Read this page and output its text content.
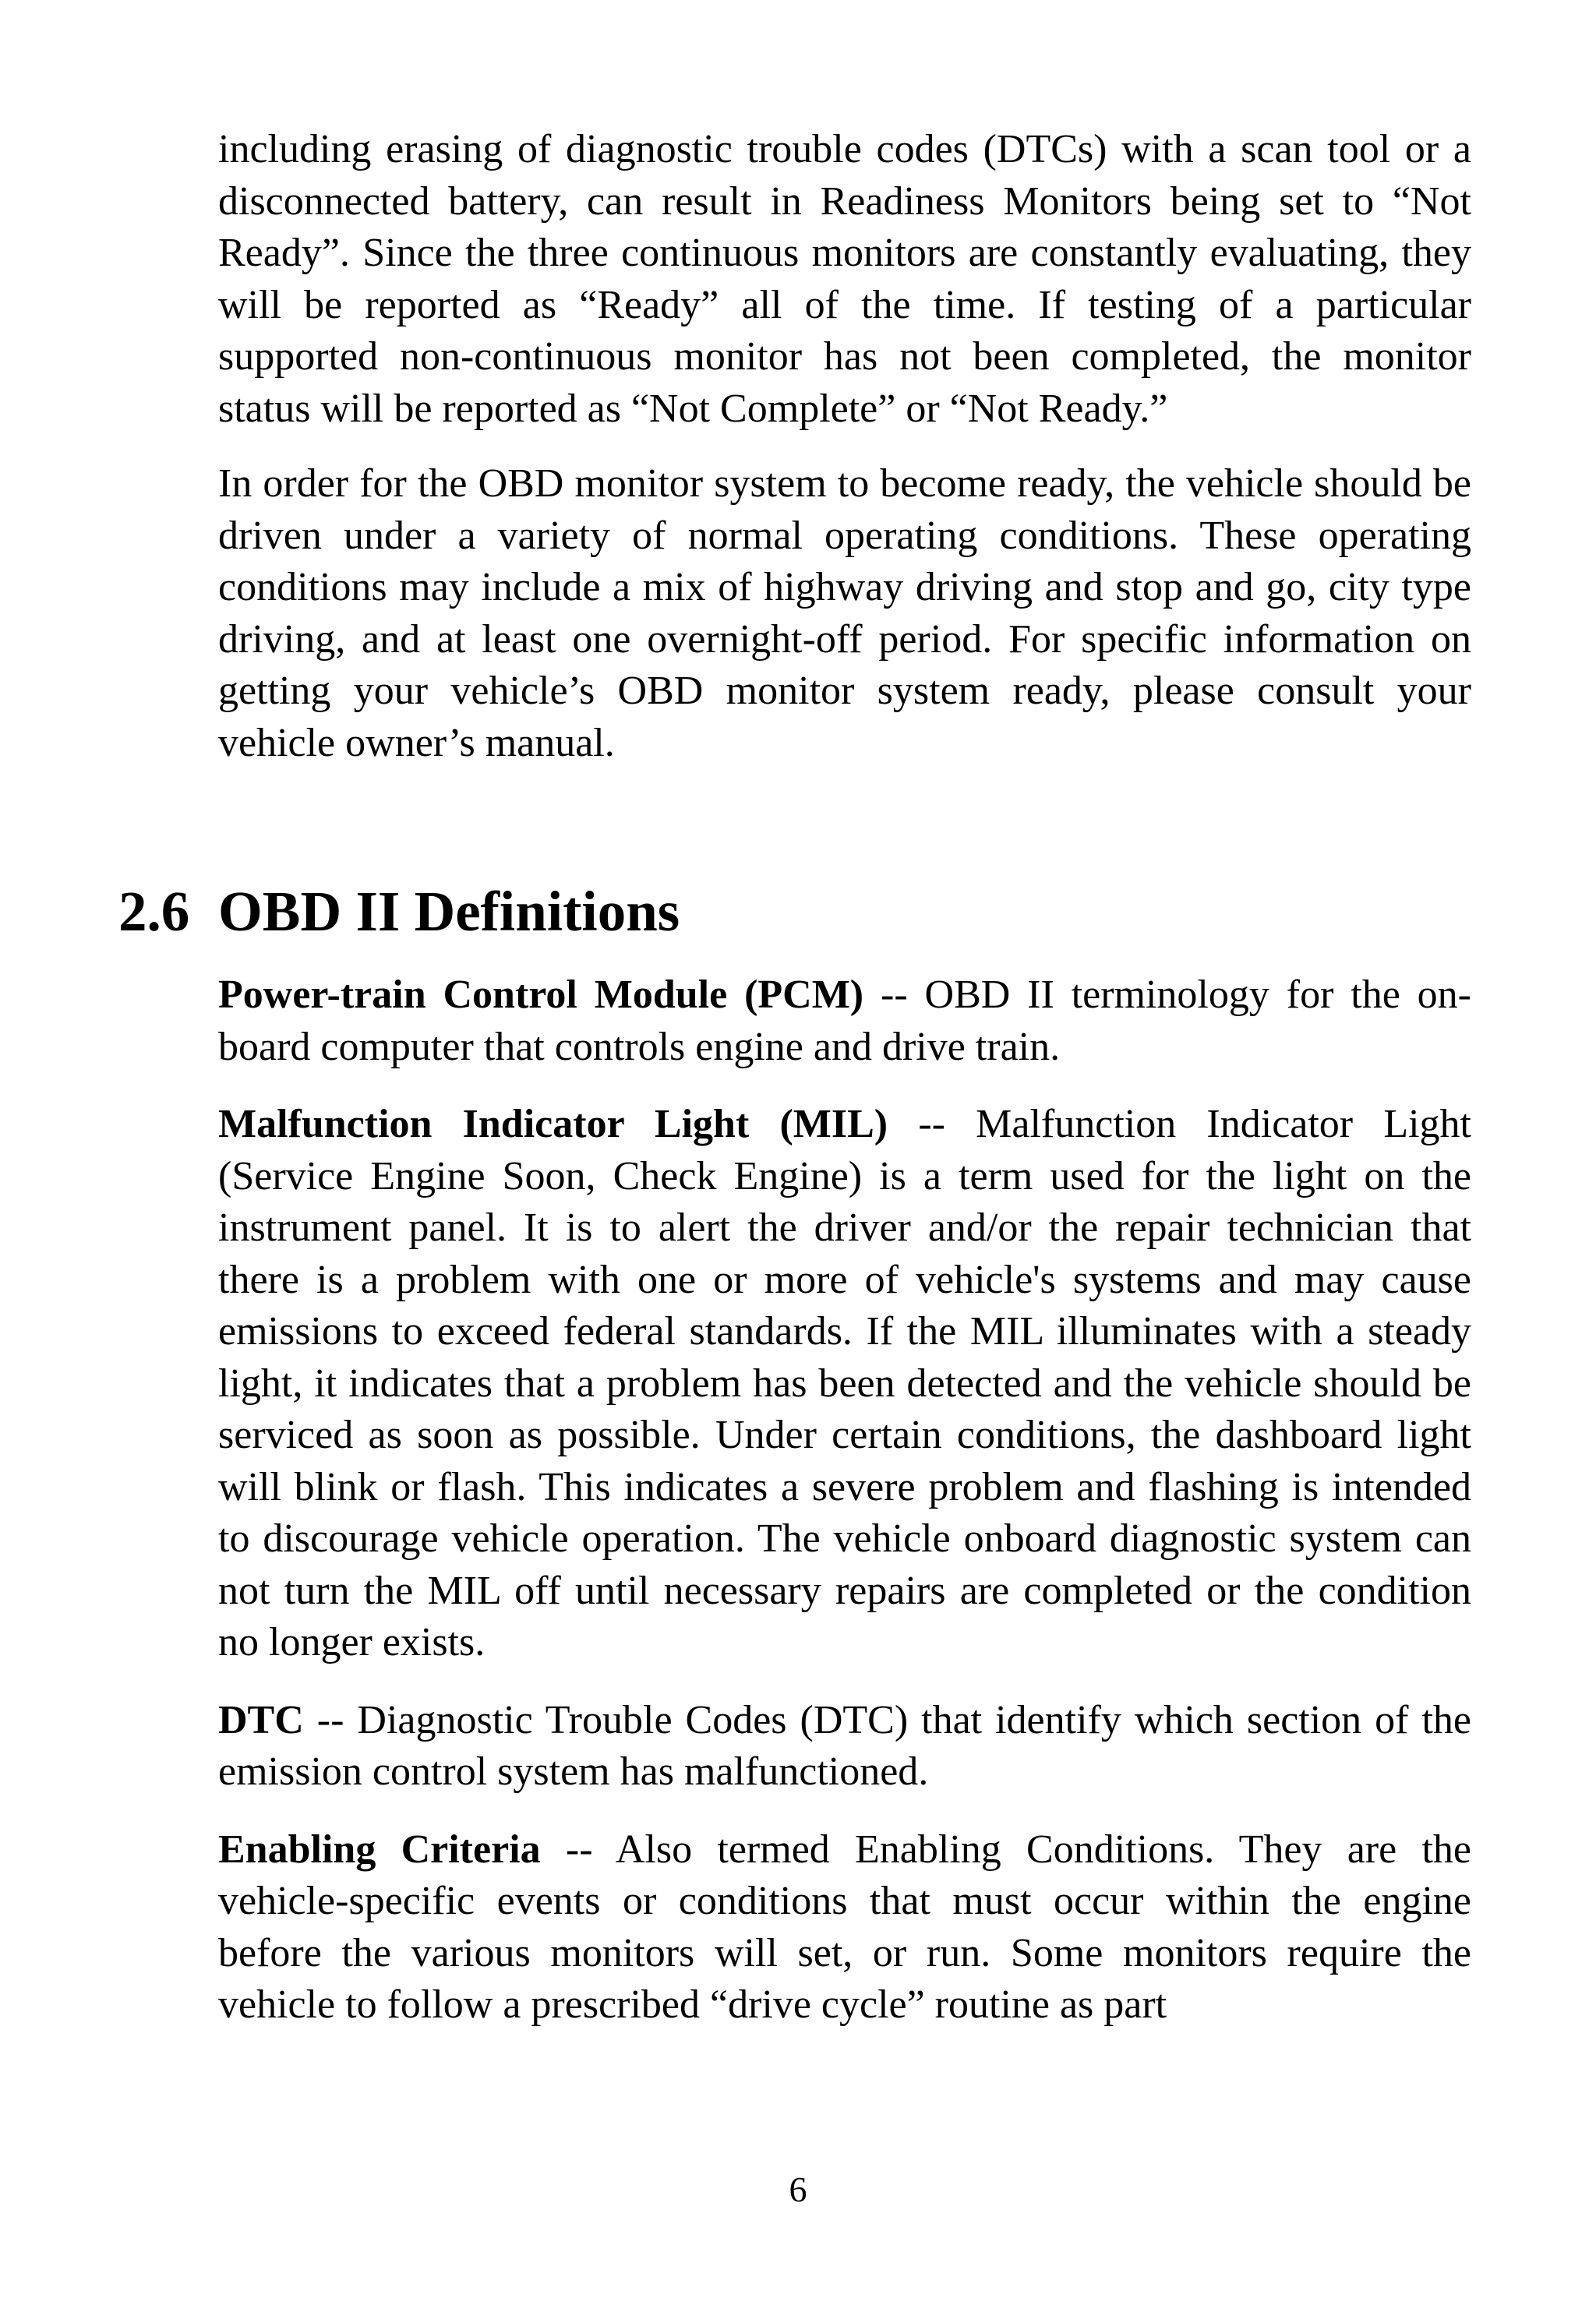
including erasing of diagnostic trouble codes (DTCs) with a scan tool or a disconnected battery, can result in Readiness Monitors being set to “Not Ready”. Since the three continuous monitors are constantly evaluating, they will be reported as “Ready” all of the time. If testing of a particular supported non-continuous monitor has not been completed, the monitor status will be reported as “Not Complete” or “Not Ready.”

In order for the OBD monitor system to become ready, the vehicle should be driven under a variety of normal operating conditions. These operating conditions may include a mix of highway driving and stop and go, city type driving, and at least one overnight-off period. For specific information on getting your vehicle’s OBD monitor system ready, please consult your vehicle owner’s manual.

2.6 OBD II Definitions

Power-train Control Module (PCM) -- OBD II terminology for the on-board computer that controls engine and drive train.

Malfunction Indicator Light (MIL) -- Malfunction Indicator Light (Service Engine Soon, Check Engine) is a term used for the light on the instrument panel. It is to alert the driver and/or the repair technician that there is a problem with one or more of vehicle's systems and may cause emissions to exceed federal standards. If the MIL illuminates with a steady light, it indicates that a problem has been detected and the vehicle should be serviced as soon as possible. Under certain conditions, the dashboard light will blink or flash. This indicates a severe problem and flashing is intended to discourage vehicle operation. The vehicle onboard diagnostic system can not turn the MIL off until necessary repairs are completed or the condition no longer exists.

DTC -- Diagnostic Trouble Codes (DTC) that identify which section of the emission control system has malfunctioned.

Enabling Criteria -- Also termed Enabling Conditions. They are the vehicle-specific events or conditions that must occur within the engine before the various monitors will set, or run. Some monitors require the vehicle to follow a prescribed “drive cycle” routine as part

6
